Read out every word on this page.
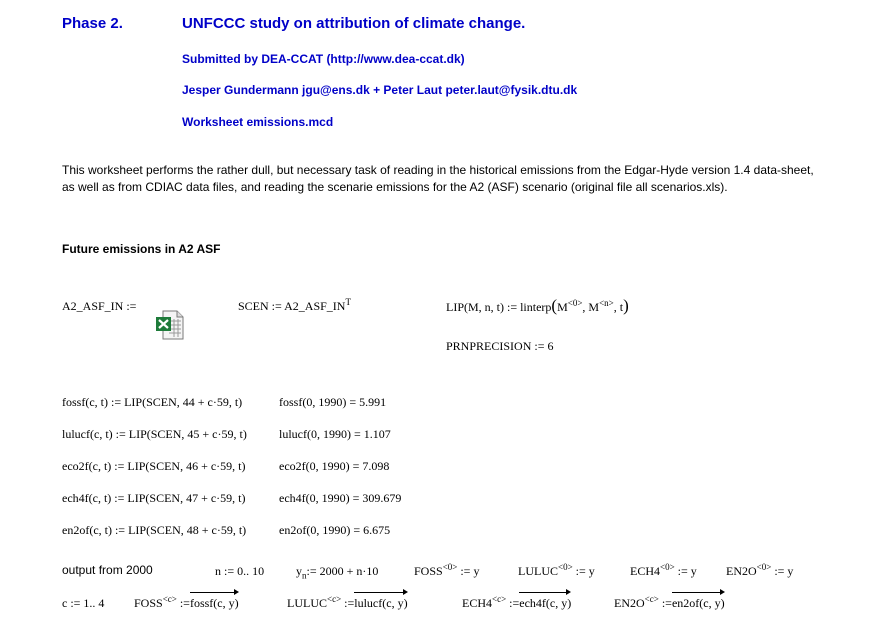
Phase 2.	UNFCCC study on attribution of climate change.
Submitted by DEA-CCAT (http://www.dea-ccat.dk)
Jesper Gundermann jgu@ens.dk + Peter Laut peter.laut@fysik.dtu.dk
Worksheet emissions.mcd
This worksheet performs the rather dull, but necessary task of reading in the historical emissions from the Edgar-Hyde version 1.4 data-sheet,
as well as from CDIAC data files, and reading the scenarie emissions for the A2 (ASF) scenario (original file all scenarios.xls).
Future emissions in A2 ASF
A2_ASF_IN :=	SCEN := $A2\_ASF\_IN^T$	LIP(M, n, t) := $linterp(M^{<0>}$, $M^{<n>}$, t)
PRNPRECISION := 6
fossf(c, t) := LIP(SCEN, 44 + c·59, t)	fossf(0, 1990) = 5.991
lulucf(c, t) := LIP(SCEN, 45 + c·59, t)	lulucf(0, 1990) = 1.107
eco2f(c, t) := LIP(SCEN, 46 + c·59, t)	eco2f(0, 1990) = 7.098
ech4f(c, t) := LIP(SCEN, 47 + c·59, t)	ech4f(0, 1990) = 309.679
en2of(c, t) := LIP(SCEN, 48 + c·59, t)	en2of(0, 1990) = 6.675
output from 2000	n := 0.. 10	$y_n:= 2000 + n\cdot 10$	$FOSS^{<0>}$ := y	$LULUC^{<0>}$ := y	$ECH4^{<0>}$ := y $EN2O^{<0>}$ := y
c := 1.. 4 $FOSS^{<c>}$ :=fossf(c, y)	$LULUC^{<c>}$ :=lulucf(c, y)	$ECH4^{<c>}$ :=ech4f(c, y)	$EN2O^{<c>}$ :=en2of(c, y)
